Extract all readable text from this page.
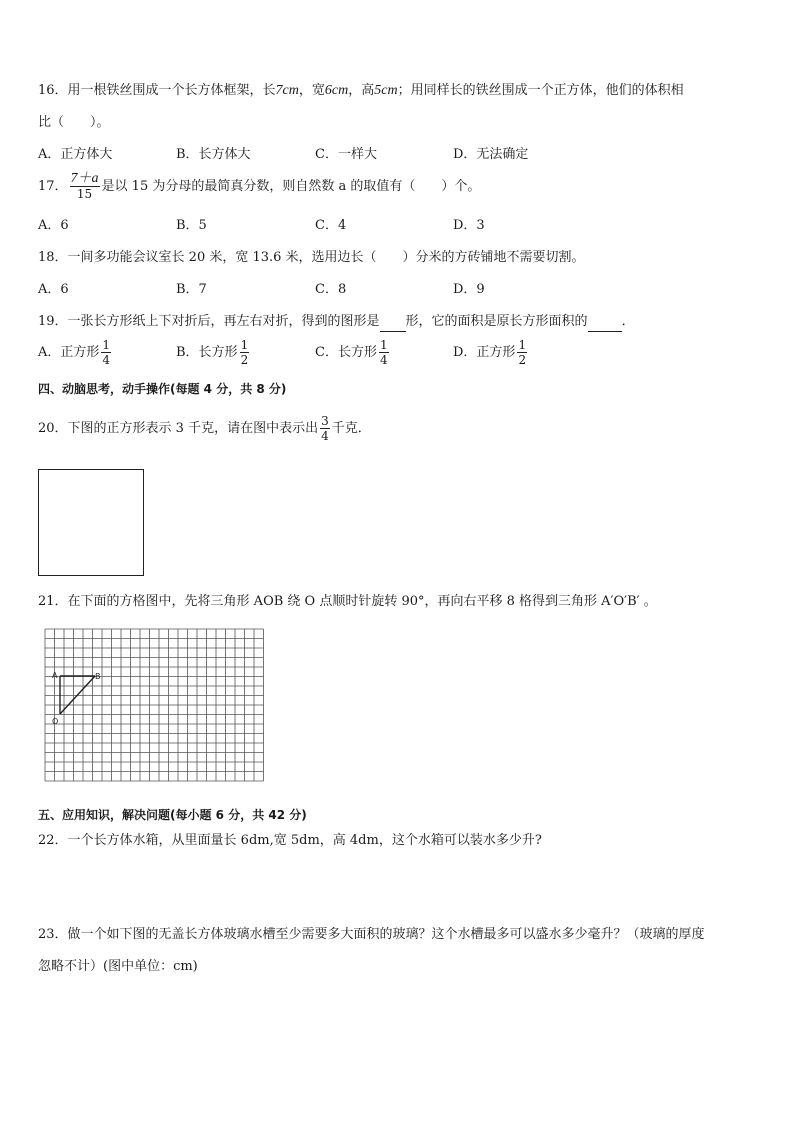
16．用一根铁丝围成一个长方体框架，长7cm，宽6cm，高5cm；用同样长的铁丝围成一个正方体，他们的体积相
比（　　）。
A．正方体大	B．长方体大	C．一样大	D．无法确定
17． $\frac{7+a}{15}$ 是以 15 为分母的最简真分数，则自然数 a 的取值有（　　）个。
A．6	B．5	C．4	D．3
18．一间多功能会议室长 20 米，宽 13.6 米，选用边长（　　）分米的方砖铺地不需要切割。
A．6	B．7	C．8	D．9
19．一张长方形纸上下对折后，再左右对折，得到的图形是 形，它的面积是原长方形面积的	．
A．正方形 $\frac{1}{4}$	B．长方形 $\frac{1}{2}$	C．长方形 $\frac{1}{4}$	D．正方形 $\frac{1}{2}$
四、动脑思考，动手操作(每题 4 分，共 8 分)
20．下图的正方形表示 3 千克，请在图中表示出 $\frac{3}{4}$ 千克．
21．在下面的方格图中，先将三角形 AOB 绕 O 点顺时针旋转 90°，再向右平移 8 格得到三角形 A′O′B′ 。
A	B
O
五、应用知识，解决问题(每小题 6 分，共 42 分)
22．一个长方体水箱，从里面量长 6dm,宽 5dm，高 4dm，这个水箱可以装水多少升?
23．做一个如下图的无盖长方体玻璃水槽至少需要多大面积的玻璃？这个水槽最多可以盛水多少毫升？（玻璃的厚度
忽略不计）(图中单位：cm)
